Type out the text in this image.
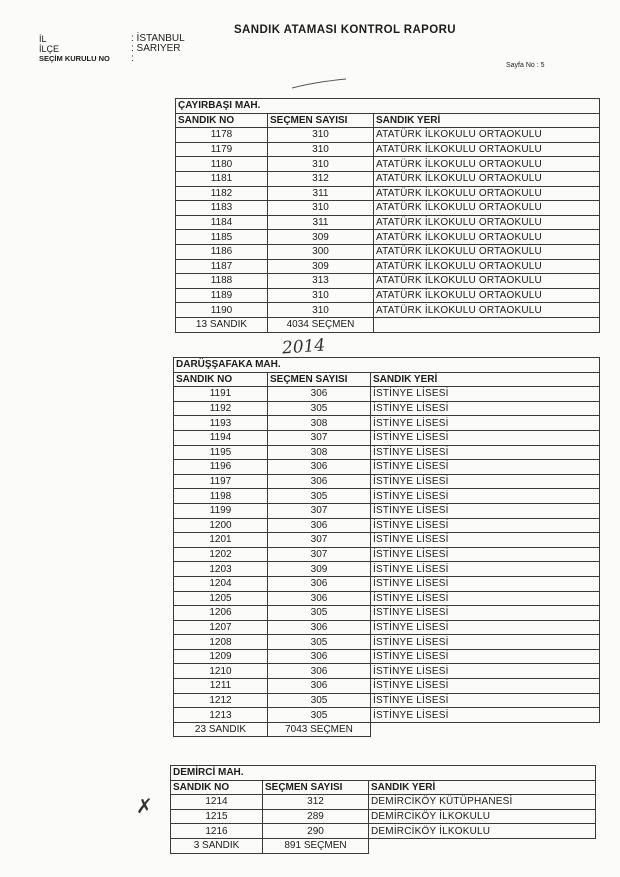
SANDIK ATAMASI KONTROL RAPORU
İL	: İSTANBUL
İLÇE	: SARIYER
SEÇİM KURULU NO	:
Sayfa No : 5
2014
✗
ÇAYIRBAŞI MAH.		
SANDIK NO	SEÇMEN SAYISI	SANDIK YERİ
1178	310	ATATÜRK İLKOKULU ORTAOKULU
1179	310	ATATÜRK İLKOKULU ORTAOKULU
1180	310	ATATÜRK İLKOKULU ORTAOKULU
1181	312	ATATÜRK İLKOKULU ORTAOKULU
1182	311	ATATÜRK İLKOKULU ORTAOKULU
1183	310	ATATÜRK İLKOKULU ORTAOKULU
1184	311	ATATÜRK İLKOKULU ORTAOKULU
1185	309	ATATÜRK İLKOKULU ORTAOKULU
1186	300	ATATÜRK İLKOKULU ORTAOKULU
1187	309	ATATÜRK İLKOKULU ORTAOKULU
1188	313	ATATÜRK İLKOKULU ORTAOKULU
1189	310	ATATÜRK İLKOKULU ORTAOKULU
1190	310	ATATÜRK İLKOKULU ORTAOKULU
13 SANDIK	4034 SEÇMEN	
DARÜŞŞAFAKA MAH.		
SANDIK NO	SEÇMEN SAYISI	SANDIK YERİ
1191	306	İSTİNYE LİSESİ
1192	305	İSTİNYE LİSESİ
1193	308	İSTİNYE LİSESİ
1194	307	İSTİNYE LİSESİ
1195	308	İSTİNYE LİSESİ
1196	306	İSTİNYE LİSESİ
1197	306	İSTİNYE LİSESİ
1198	305	İSTİNYE LİSESİ
1199	307	İSTİNYE LİSESİ
1200	306	İSTİNYE LİSESİ
1201	307	İSTİNYE LİSESİ
1202	307	İSTİNYE LİSESİ
1203	309	İSTİNYE LİSESİ
1204	306	İSTİNYE LİSESİ
1205	306	İSTİNYE LİSESİ
1206	305	İSTİNYE LİSESİ
1207	306	İSTİNYE LİSESİ
1208	305	İSTİNYE LİSESİ
1209	306	İSTİNYE LİSESİ
1210	306	İSTİNYE LİSESİ
1211	306	İSTİNYE LİSESİ
1212	305	İSTİNYE LİSESİ
1213	305	İSTİNYE LİSESİ
23 SANDIK	7043 SEÇMEN	
DEMİRCİ MAH.		
SANDIK NO	SEÇMEN SAYISI	SANDIK YERİ
1214	312	DEMİRCİKÖY KÜTÜPHANESİ
1215	289	DEMİRCİKÖY İLKOKULU
1216	290	DEMİRCİKÖY İLKOKULU
3 SANDIK	891 SEÇMEN	
